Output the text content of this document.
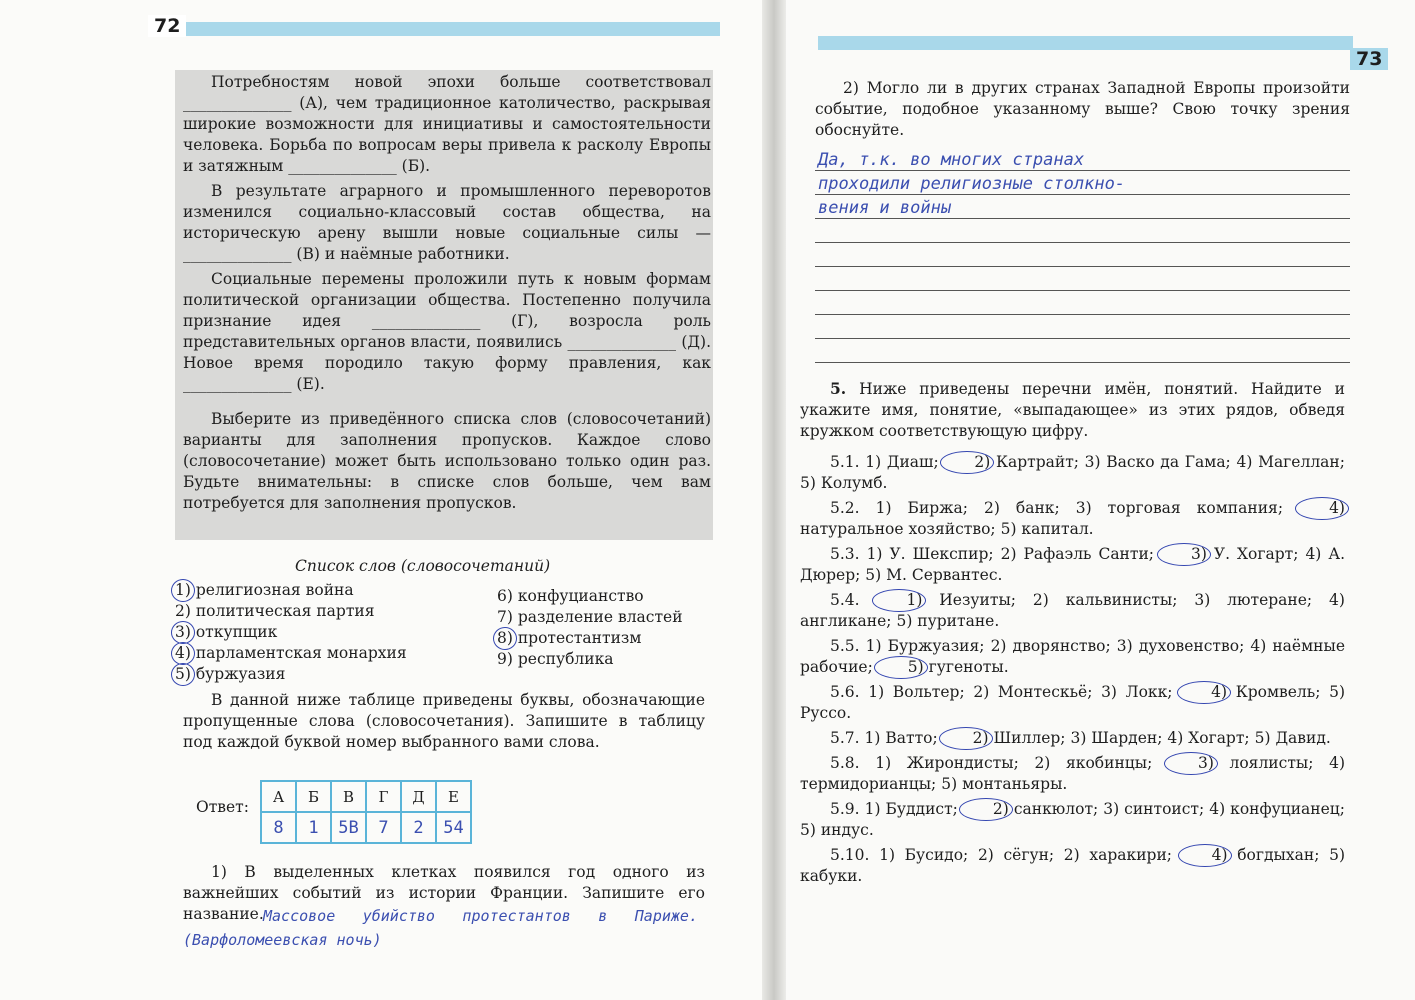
72
73

Потребностям новой эпохи больше соответствовал ______________ (А), чем традиционное католичество, раскрывая широкие возможности для инициативы и самостоятельности человека. Борьба по вопросам веры привела к расколу Европы и затяжным ______________ (Б).

В результате аграрного и промышленного переворотов изменился социально-классовый состав общества, на историческую арену вышли новые социальные силы — ______________ (В) и наёмные работники.

Социальные перемены проложили путь к новым формам политической организации общества. Постепенно получила признание идея ______________ (Г), возросла роль представительных органов власти, появились ______________ (Д). Новое время породило такую форму правления, как ______________ (Е).

Выберите из приведённого списка слов (словосочетаний) варианты для заполнения пропусков. Каждое слово (словосочетание) может быть использовано только один раз. Будьте внимательны: в списке слов больше, чем вам потребуется для заполнения пропусков.

Список слов (словосочетаний)
1) религиозная война
2) политическая партия
3) откупщик
4) парламентская монархия
5) буржуазия
6) конфуцианство
7) разделение властей
8) протестантизм
9) республика

В данной ниже таблице приведены буквы, обозначающие пропущенные слова (словосочетания). Запишите в таблицу под каждой буквой номер выбранного вами слова.

Ответ:
А	Б	В	Г	Д	Е
8	1	5В	7	2	54

1) В выделенных клетках появился год одного из важнейших событий из истории Франции. Запишите его название. Массовое убийство протестантов в Париже. (Варфоломеевская ночь)

2) Могло ли в других странах Западной Европы произойти событие, подобное указанному выше? Свою точку зрения обоснуйте.

Да, т.к. во многих странах
проходили религиозные столкно-
вения и войны
5. Ниже приведены перечни имён, понятий. Найдите и укажите имя, понятие, «выпадающее» из этих рядов, обведя кружком соответствующую цифру.
5.1. 1) Диаш; 2) Картрайт; 3) Васко да Гама; 4) Магеллан; 5) Колумб.
5.2. 1) Биржа; 2) банк; 3) торговая компания; 4) натуральное хозяйство; 5) капитал.
5.3. 1) У. Шекспир; 2) Рафаэль Санти; 3) У. Хогарт; 4) А. Дюрер; 5) М. Сервантес.
5.4. 1) Иезуиты; 2) кальвинисты; 3) лютеране; 4) англикане; 5) пуритане.
5.5. 1) Буржуазия; 2) дворянство; 3) духовенство; 4) наёмные рабочие; 5) гугеноты.
5.6. 1) Вольтер; 2) Монтескьё; 3) Локк; 4) Кромвель; 5) Руссо.
5.7. 1) Ватто; 2) Шиллер; 3) Шарден; 4) Хогарт; 5) Давид.
5.8. 1) Жирондисты; 2) якобинцы; 3) лоялисты; 4) термидорианцы; 5) монтаньяры.
5.9. 1) Буддист; 2) санкюлот; 3) синтоист; 4) конфуцианец; 5) индус.
5.10. 1) Бусидо; 2) сёгун; 2) харакири; 4) богдыхан; 5) кабуки.
